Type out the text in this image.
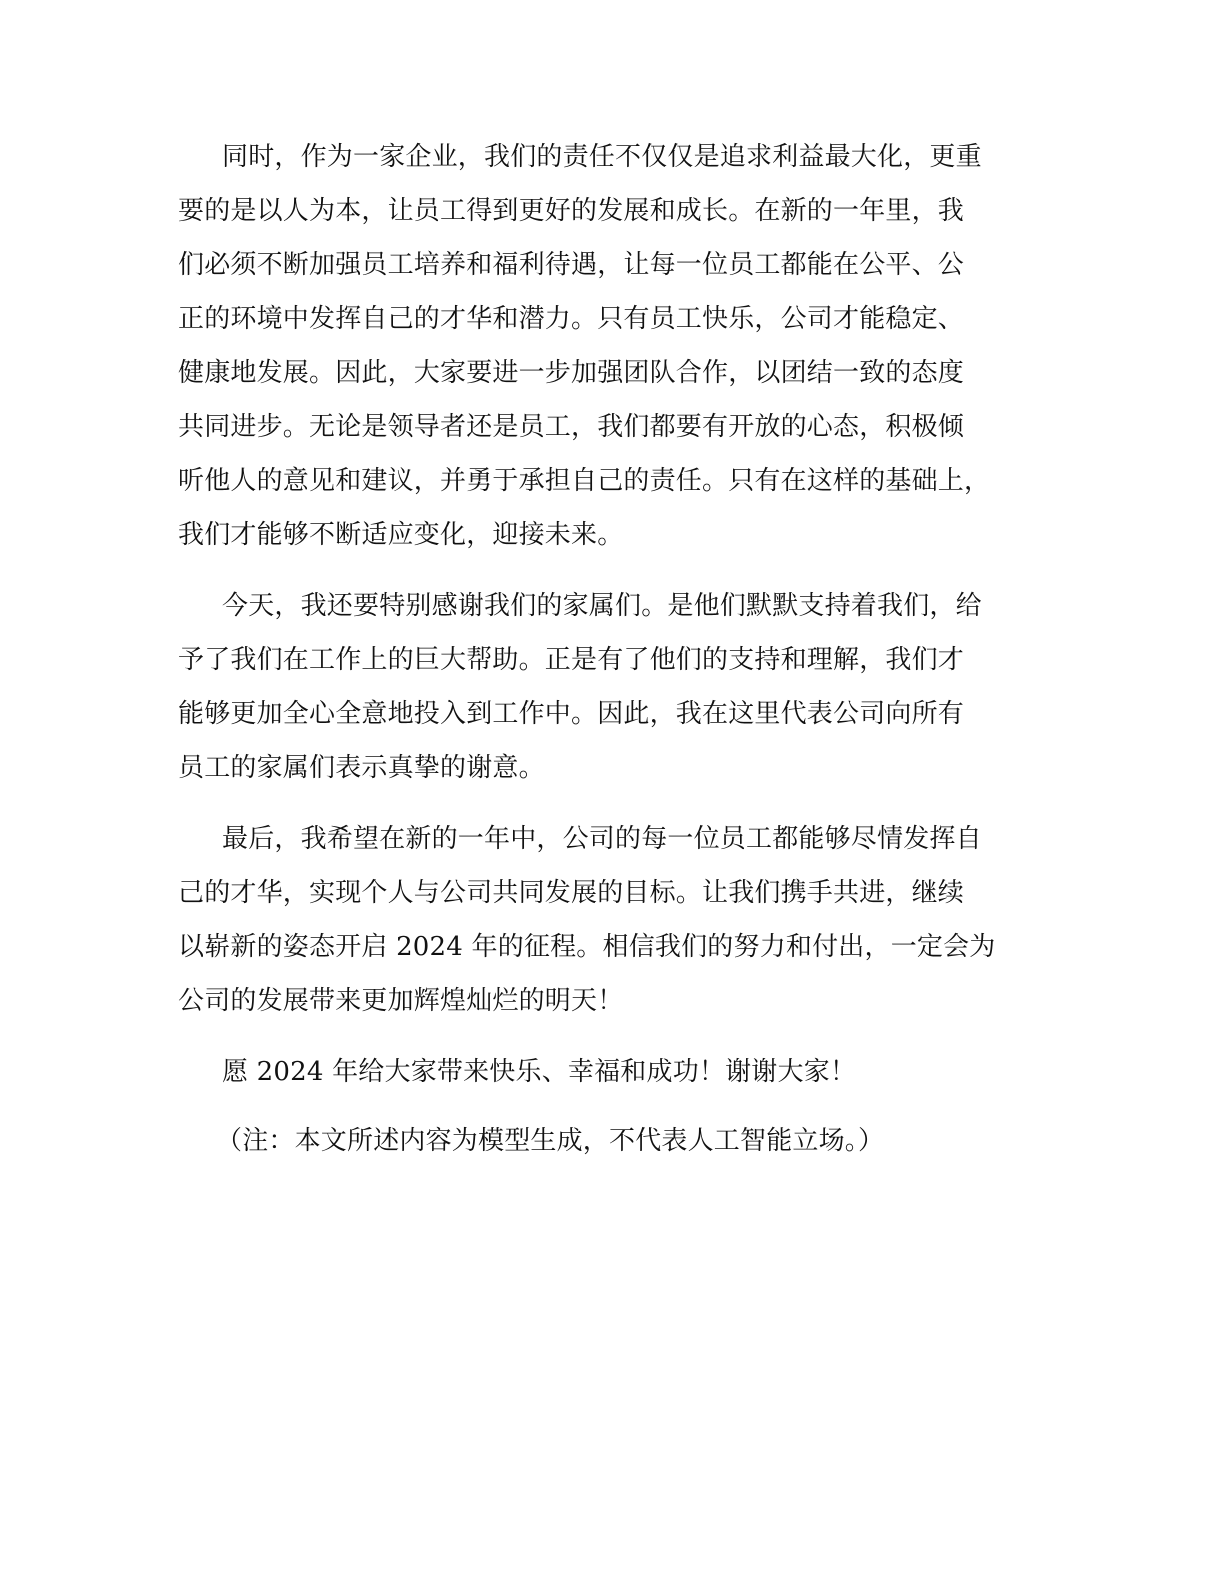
同时，作为一家企业，我们的责任不仅仅是追求利益最大化，更重
要的是以人为本，让员工得到更好的发展和成长。在新的一年里，我
们必须不断加强员工培养和福利待遇，让每一位员工都能在公平、公
正的环境中发挥自己的才华和潜力。只有员工快乐，公司才能稳定、
健康地发展。因此，大家要进一步加强团队合作，以团结一致的态度
共同进步。无论是领导者还是员工，我们都要有开放的心态，积极倾
听他人的意见和建议，并勇于承担自己的责任。只有在这样的基础上，
我们才能够不断适应变化，迎接未来。
今天，我还要特别感谢我们的家属们。是他们默默支持着我们，给
予了我们在工作上的巨大帮助。正是有了他们的支持和理解，我们才
能够更加全心全意地投入到工作中。因此，我在这里代表公司向所有
员工的家属们表示真挚的谢意。
最后，我希望在新的一年中，公司的每一位员工都能够尽情发挥自
己的才华，实现个人与公司共同发展的目标。让我们携手共进，继续
以崭新的姿态开启 2024 年的征程。相信我们的努力和付出，一定会为
公司的发展带来更加辉煌灿烂的明天！
愿 2024 年给大家带来快乐、幸福和成功！谢谢大家！
（注：本文所述内容为模型生成，不代表人工智能立场。）
